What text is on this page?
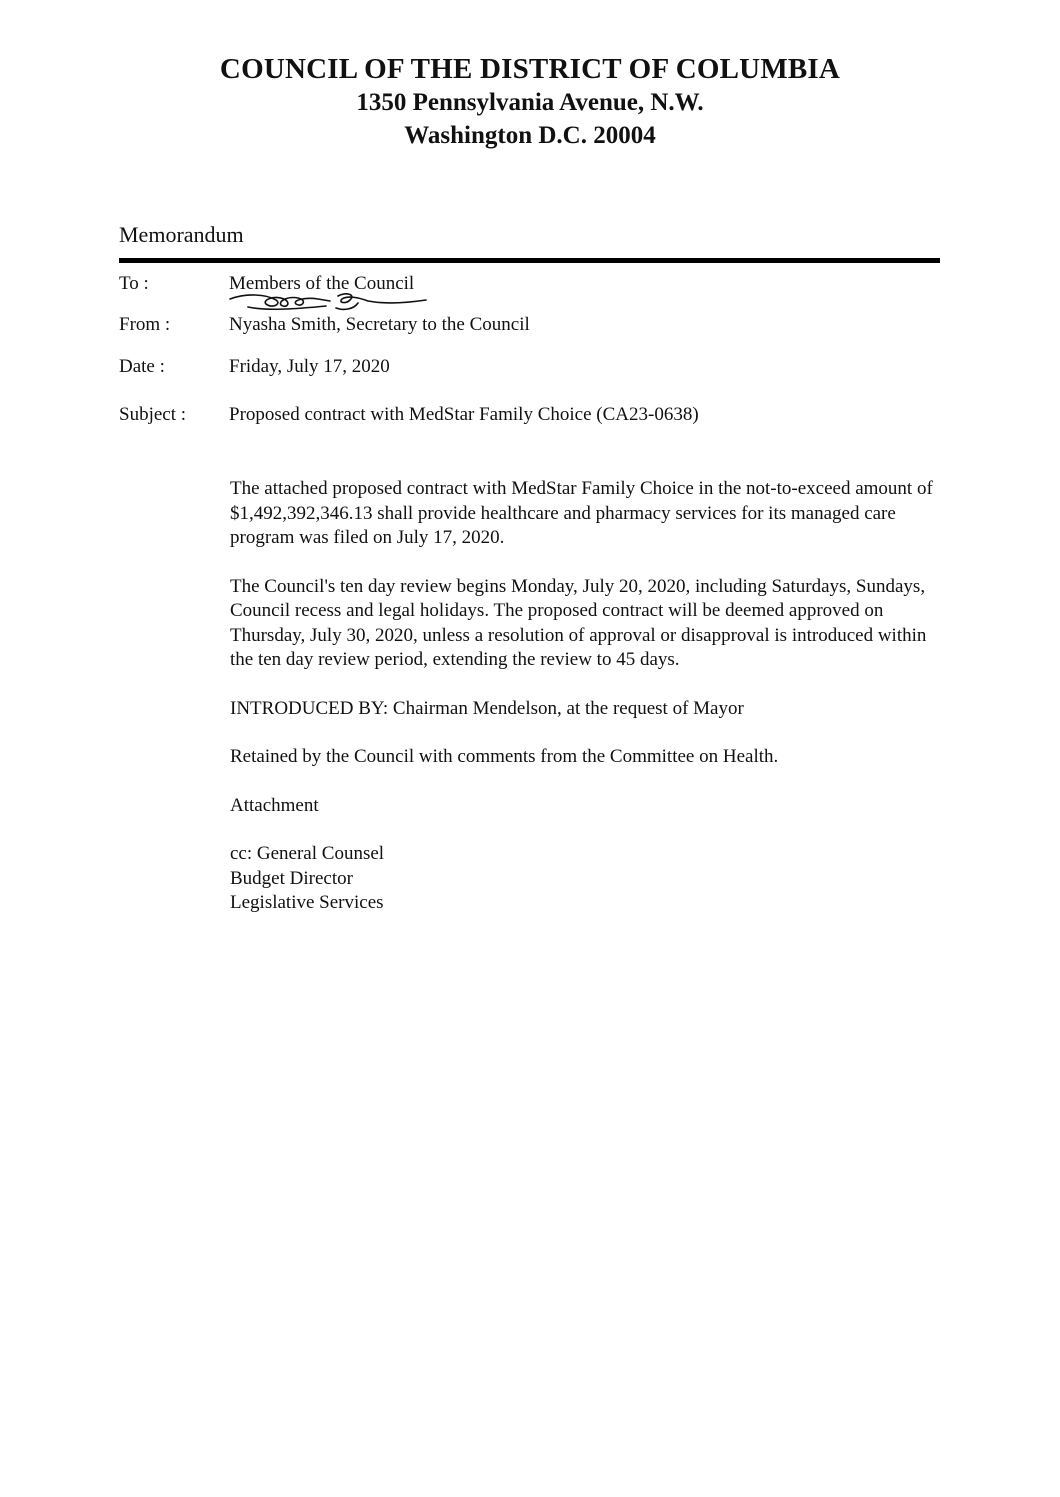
COUNCIL OF THE DISTRICT OF COLUMBIA
1350 Pennsylvania Avenue, N.W.
Washington D.C. 20004
Memorandum
To :	Members of the Council
From :	Nyasha Smith, Secretary to the Council
Date :	Friday, July 17, 2020
Subject : Proposed contract with MedStar Family Choice (CA23-0638)

The attached proposed contract with MedStar Family Choice in the not-to-exceed amount of $1,492,392,346.13 shall provide healthcare and pharmacy services for its managed care program was filed on July 17, 2020.

The Council's ten day review begins Monday, July 20, 2020, including Saturdays, Sundays, Council recess and legal holidays. The proposed contract will be deemed approved on Thursday, July 30, 2020, unless a resolution of approval or disapproval is introduced within the ten day review period, extending the review to 45 days.

INTRODUCED BY: Chairman Mendelson, at the request of Mayor

Retained by the Council with comments from the Committee on Health.

Attachment

cc: General Counsel
Budget Director
Legislative Services
